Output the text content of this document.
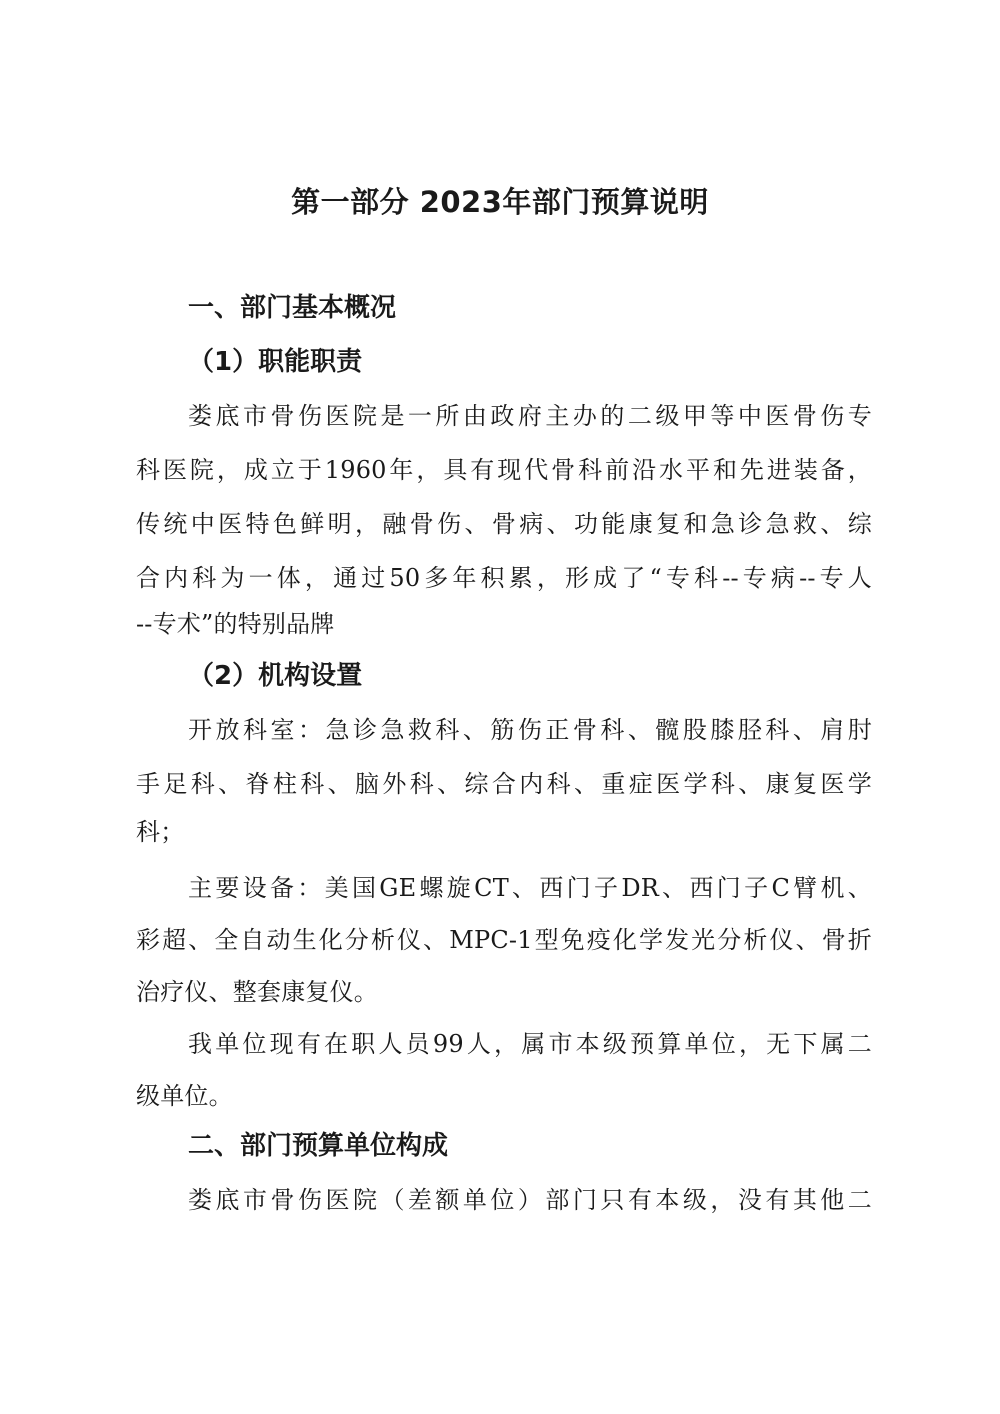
第一部分 2023年部门预算说明
一、部门基本概况
（1）职能职责
娄底市骨伤医院是一所由政府主办的二级甲等中医骨伤专
科医院，成立于1960年，具有现代骨科前沿水平和先进装备，
传统中医特色鲜明，融骨伤、骨病、功能康复和急诊急救、综
合内科为一体，通过50多年积累，形成了“专科--专病--专人
--专术”的特别品牌
（2）机构设置
开放科室：急诊急救科、筋伤正骨科、髋股膝胫科、肩肘
手足科、脊柱科、脑外科、综合内科、重症医学科、康复医学
科；
主要设备：美国GE螺旋CT、西门子DR、西门子C臂机、
彩超、全自动生化分析仪、MPC-1型免疫化学发光分析仪、骨折
治疗仪、整套康复仪。
我单位现有在职人员99人，属市本级预算单位，无下属二
级单位。
二、部门预算单位构成
娄底市骨伤医院（差额单位）部门只有本级，没有其他二
